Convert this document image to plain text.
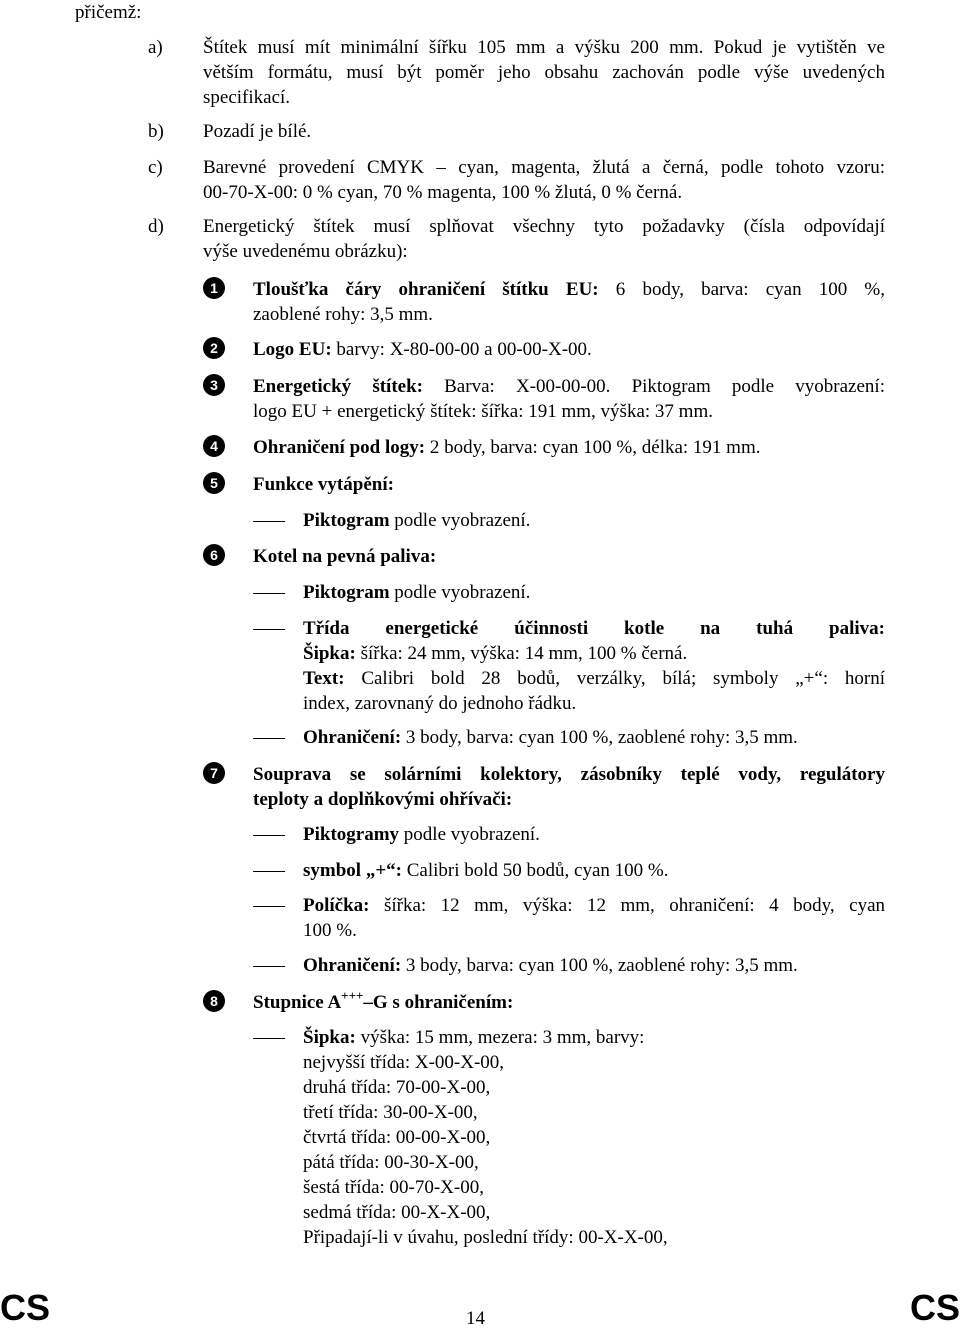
přičemž:
a) Štítek musí mít minimální šířku 105 mm a výšku 200 mm. Pokud je vytištěn ve
větším formátu, musí být poměr jeho obsahu zachován podle výše uvedených
specifikací.
b) Pozadí je bílé.
c) Barevné provedení CMYK – cyan, magenta, žlutá a černá, podle tohoto vzoru:
00-70-X-00: 0 % cyan, 70 % magenta, 100 % žlutá, 0 % černá.
d) Energetický štítek musí splňovat všechny tyto požadavky (čísla odpovídají
výše uvedenému obrázku):
1	Tloušťka čáry ohraničení štítku EU: 6 body, barva: cyan 100 %,
zaoblené rohy: 3,5 mm.
2	Logo EU: barvy: X-80-00-00 a 00-00-X-00.
3	Energetický štítek: Barva: X-00-00-00. Piktogram podle vyobrazení:
logo EU + energetický štítek: šířka: 191 mm, výška: 37 mm.
4	Ohraničení pod logy: 2 body, barva: cyan 100 %, délka: 191 mm.
5	Funkce vytápění:
Piktogram podle vyobrazení.
6	Kotel na pevná paliva:
Piktogram podle vyobrazení.
Třída energetické účinnosti kotle na tuhá paliva:
Šipka: šířka: 24 mm, výška: 14 mm, 100 % černá.
Text: Calibri bold 28 bodů, verzálky, bílá; symboly „+“: horní
index, zarovnaný do jednoho řádku.
Ohraničení: 3 body, barva: cyan 100 %, zaoblené rohy: 3,5 mm.
7	Souprava se solárními kolektory, zásobníky teplé vody, regulátory
teploty a doplňkovými ohřívači:
Piktogramy podle vyobrazení.
symbol „+“: Calibri bold 50 bodů, cyan 100 %.
Políčka: šířka: 12 mm, výška: 12 mm, ohraničení: 4 body, cyan
100 %.
Ohraničení: 3 body, barva: cyan 100 %, zaoblené rohy: 3,5 mm.
8	Stupnice A+++–G s ohraničením:
Šipka: výška: 15 mm, mezera: 3 mm, barvy:
nejvyšší třída: X-00-X-00,
druhá třída: 70-00-X-00,
třetí třída: 30-00-X-00,
čtvrtá třída: 00-00-X-00,
pátá třída: 00-30-X-00,
šestá třída: 00-70-X-00,
sedmá třída: 00-X-X-00,
Připadají-li v úvahu, poslední třídy: 00-X-X-00,
CS	14	CS
